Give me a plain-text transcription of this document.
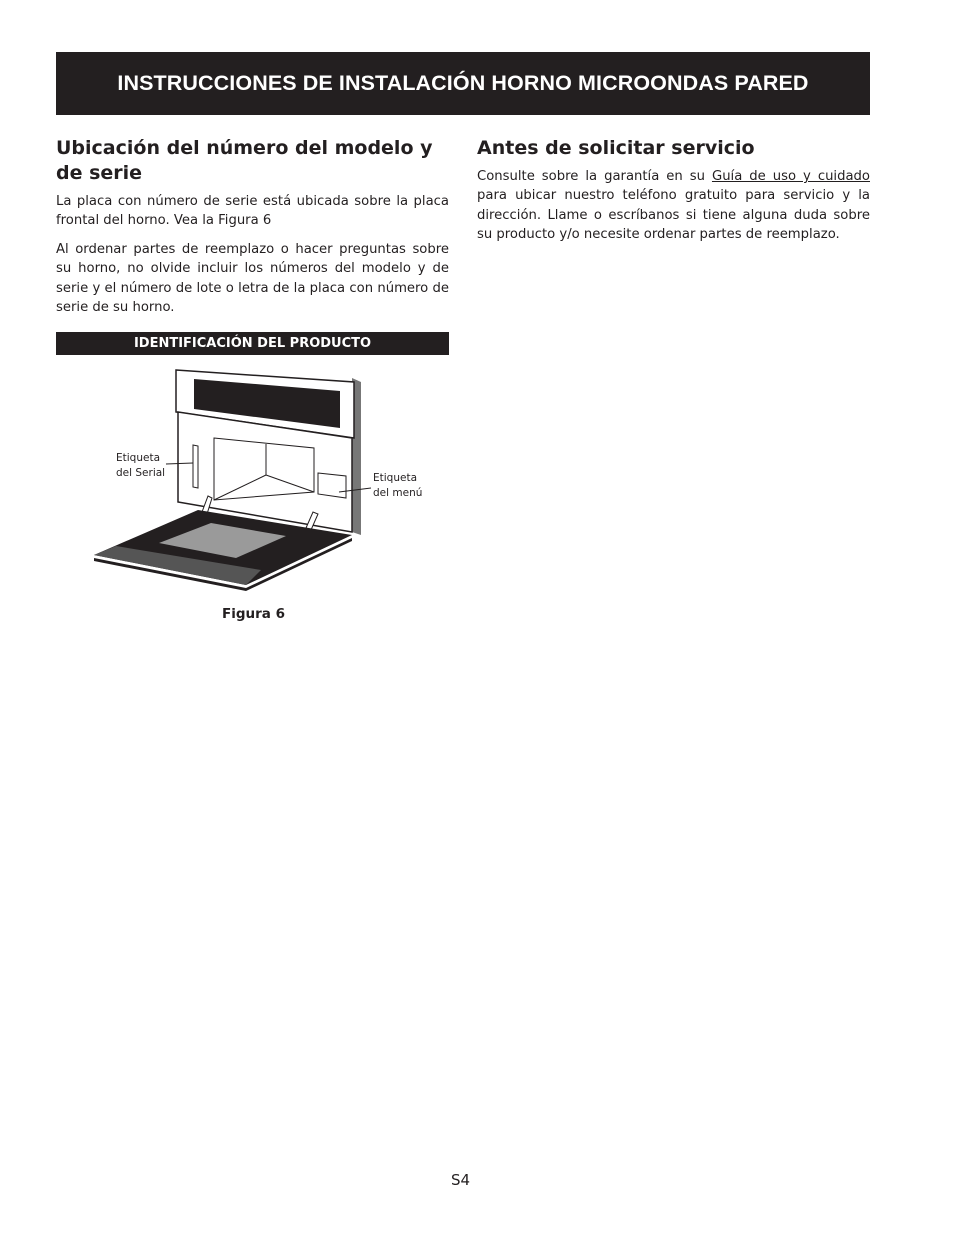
INSTRUCCIONES DE INSTALACIÓN HORNO MICROONDAS PARED
Ubicación del número del modelo y de serie

La placa con número de serie está ubicada sobre la placa frontal del horno. Vea la Figura 6

Al ordenar partes de reemplazo o hacer preguntas sobre su horno, no olvide incluir los números del modelo y de serie y el número de lote o letra de la placa con número de serie de su horno.

Antes de solicitar servicio

Consulte sobre la garantía en su Guía de uso y cuidado para ubicar nuestro teléfono gratuito para servicio y la dirección. Llame o escríbanos si tiene alguna duda sobre su producto y/o necesite ordenar partes de reemplazo.

IDENTIFICACIÓN DEL PRODUCTO
Etiqueta
del Serial	Etiqueta
del menú
Figura 6
S4
